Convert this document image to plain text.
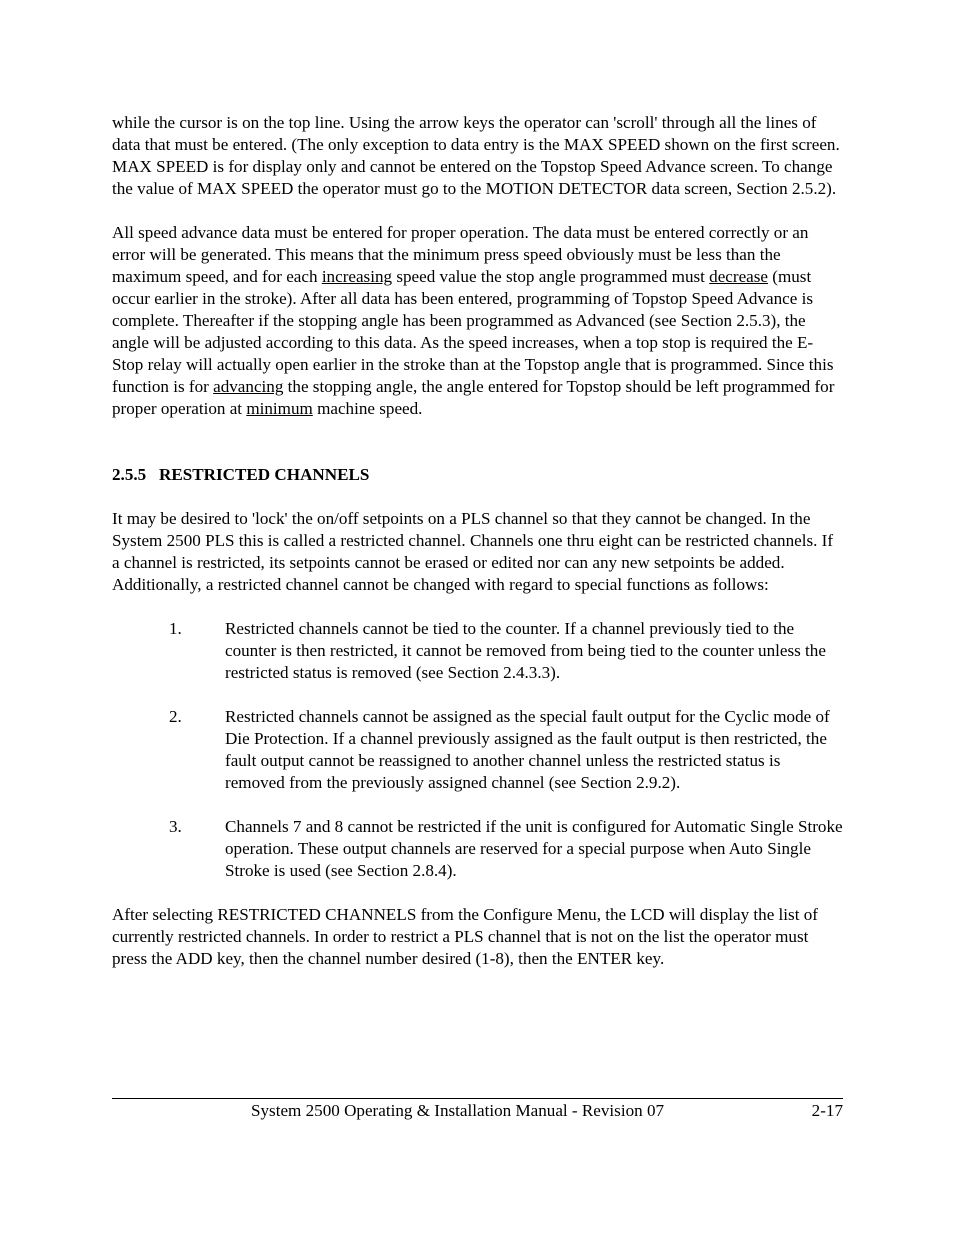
while the cursor is on the top line. Using the arrow keys the operator can 'scroll' through all the lines of data that must be entered. (The only exception to data entry is the MAX SPEED shown on the first screen. MAX SPEED is for display only and cannot be entered on the Topstop Speed Advance screen. To change the value of MAX SPEED the operator must go to the MOTION DETECTOR data screen, Section 2.5.2).

All speed advance data must be entered for proper operation. The data must be entered correctly or an error will be generated. This means that the minimum press speed obviously must be less than the maximum speed, and for each increasing speed value the stop angle programmed must decrease (must occur earlier in the stroke). After all data has been entered, programming of Topstop Speed Advance is complete. Thereafter if the stopping angle has been programmed as Advanced (see Section 2.5.3), the angle will be adjusted according to this data. As the speed increases, when a top stop is required the E-Stop relay will actually open earlier in the stroke than at the Topstop angle that is programmed. Since this function is for advancing the stopping angle, the angle entered for Topstop should be left programmed for proper operation at minimum machine speed.

2.5.5   RESTRICTED CHANNELS

It may be desired to 'lock' the on/off setpoints on a PLS channel so that they cannot be changed. In the System 2500 PLS this is called a restricted channel. Channels one thru eight can be restricted channels. If a channel is restricted, its setpoints cannot be erased or edited nor can any new setpoints be added. Additionally, a restricted channel cannot be changed with regard to special functions as follows:

1.	Restricted channels cannot be tied to the counter. If a channel previously tied to the counter is then restricted, it cannot be removed from being tied to the counter unless the restricted status is removed (see Section 2.4.3.3).

2.	Restricted channels cannot be assigned as the special fault output for the Cyclic mode of Die Protection. If a channel previously assigned as the fault output is then restricted, the fault output cannot be reassigned to another channel unless the restricted status is removed from the previously assigned channel (see Section 2.9.2).

3.	Channels 7 and 8 cannot be restricted if the unit is configured for Automatic Single Stroke operation. These output channels are reserved for a special purpose when Auto Single Stroke is used (see Section 2.8.4).

After selecting RESTRICTED CHANNELS from the Configure Menu, the LCD will display the list of currently restricted channels. In order to restrict a PLS channel that is not on the list the operator must press the ADD key, then the channel number desired (1-8), then the ENTER key.

System 2500 Operating & Installation Manual - Revision 07	2-17
